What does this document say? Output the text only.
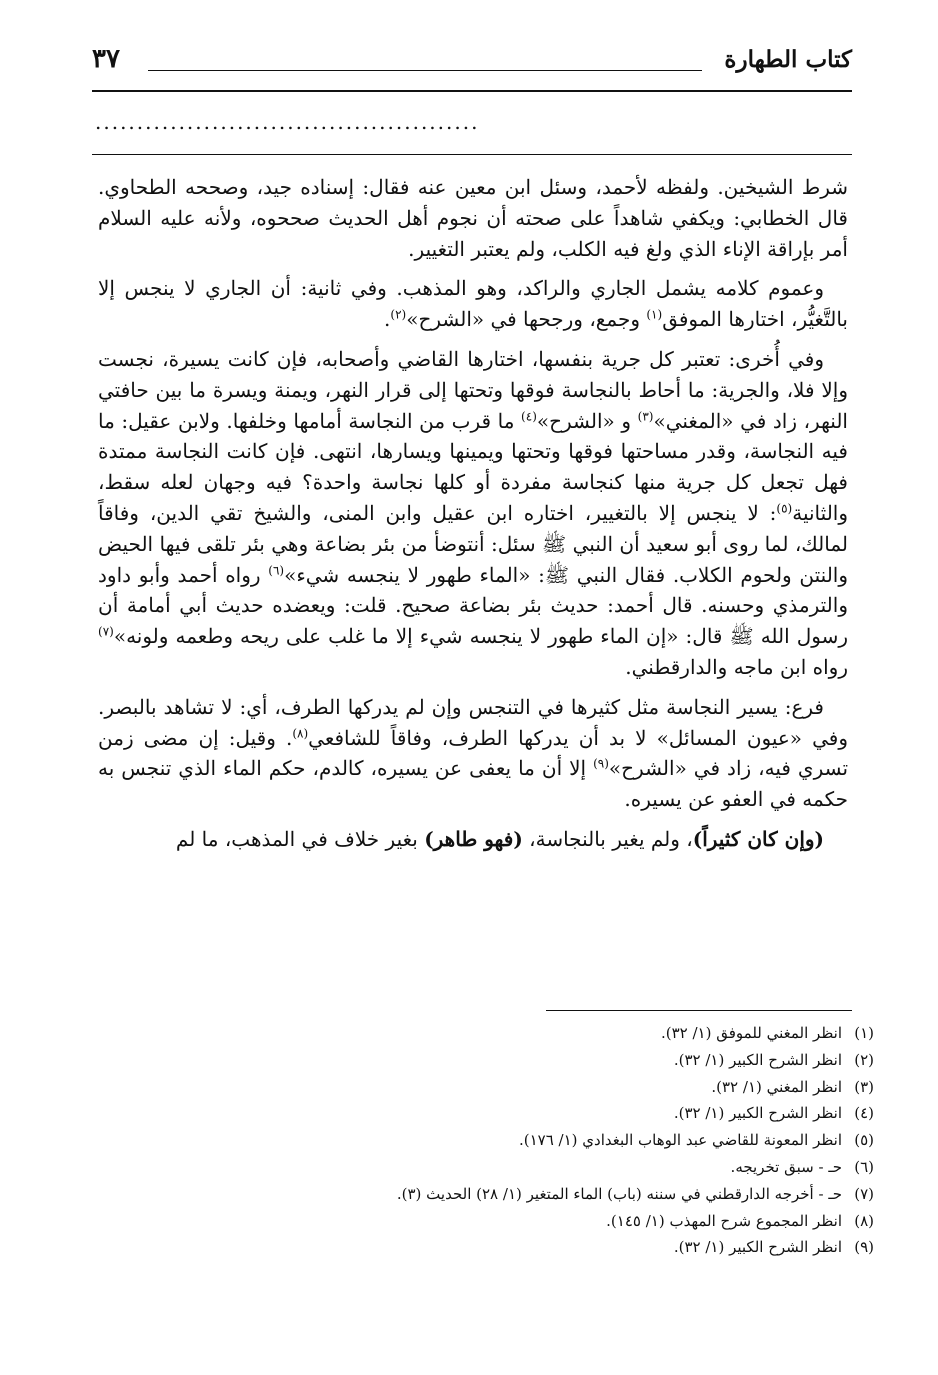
كتاب الطهارة
٣٧
..............................................

شرط الشيخين. ولفظه لأحمد، وسئل ابن معين عنه فقال: إسناده جيد، وصححه الطحاوي. قال الخطابي: ويكفي شاهداً على صحته أن نجوم أهل الحديث صححوه، ولأنه عليه السلام أمر بإراقة الإناء الذي ولغ فيه الكلب، ولم يعتبر التغيير.

وعموم كلامه يشمل الجاري والراكد، وهو المذهب. وفي ثانية: أن الجاري لا ينجس إلا بالتَّغيُّر، اختارها الموفق$^{(١)}$ وجمع، ورجحها في «الشرح»$^{(٢)}$.

وفي أُخرى: تعتبر كل جرية بنفسها، اختارها القاضي وأصحابه، فإن كانت يسيرة، نجست وإلا فلا، والجرية: ما أحاط بالنجاسة فوقها وتحتها إلى قرار النهر، ويمنة ويسرة ما بين حافتي النهر، زاد في «المغني»$^{(٣)}$ و «الشرح»$^{(٤)}$ ما قرب من النجاسة أمامها وخلفها. ولابن عقيل: ما فيه النجاسة، وقدر مساحتها فوقها وتحتها ويمينها ويسارها، انتهى. فإن كانت النجاسة ممتدة فهل تجعل كل جرية منها كنجاسة مفردة أو كلها نجاسة واحدة؟ فيه وجهان لعله سقط، والثانية$^{(٥)}$: لا ينجس إلا بالتغيير، اختاره ابن عقيل وابن المنى، والشيخ تقي الدين، وفاقاً لمالك، لما روى أبو سعيد أن النبي ﷺ سئل: أنتوضأ من بئر بضاعة وهي بئر تلقى فيها الحيض والنتن ولحوم الكلاب. فقال النبي ﷺ: «الماء طهور لا ينجسه شيء»$^{(٦)}$ رواه أحمد وأبو داود والترمذي وحسنه. قال أحمد: حديث بئر بضاعة صحيح. قلت: ويعضده حديث أبي أمامة أن رسول الله ﷺ قال: «إن الماء طهور لا ينجسه شيء إلا ما غلب على ريحه وطعمه ولونه»$^{(٧)}$ رواه ابن ماجه والدارقطني.

فرع: يسير النجاسة مثل كثيرها في التنجس وإن لم يدركها الطرف، أي: لا تشاهد بالبصر. وفي «عيون المسائل» لا بد أن يدركها الطرف، وفاقاً للشافعي$^{(٨)}$. وقيل: إن مضى زمن تسري فيه، زاد في «الشرح»$^{(٩)}$ إلا أن ما يعفى عن يسيره، كالدم، حكم الماء الذي تنجس به حكمه في العفو عن يسيره.

(وإن كان كثيراً)، ولم يغير بالنجاسة، (فهو طاهر) بغير خلاف في المذهب، ما لم

(١)انظر المغني للموفق (١/ ٣٢).
(٢)انظر الشرح الكبير (١/ ٣٢).
(٣)انظر المغني (١/ ٣٢).
(٤)انظر الشرح الكبير (١/ ٣٢).
(٥)انظر المعونة للقاضي عبد الوهاب البغدادي (١/ ١٧٦).
(٦)حـ - سبق تخريجه.
(٧)حـ - أخرجه الدارقطني في سننه (باب) الماء المتغير (١/ ٢٨) الحديث (٣).
(٨)انظر المجموع شرح المهذب (١/ ١٤٥).
(٩)انظر الشرح الكبير (١/ ٣٢).
